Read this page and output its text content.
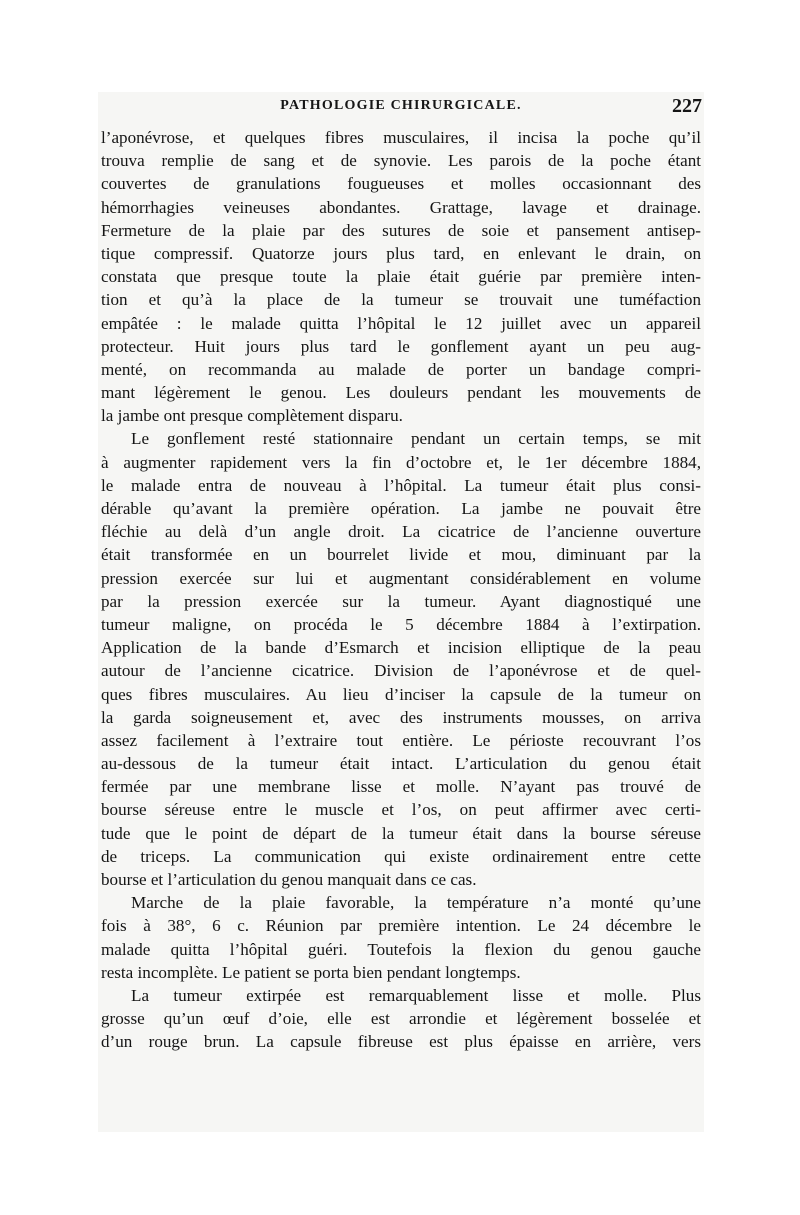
PATHOLOGIE CHIRURGICALE.	227
l’aponévrose, et quelques fibres musculaires, il incisa la poche qu’il
trouva remplie de sang et de synovie. Les parois de la poche étant
couvertes de granulations fougueuses et molles occasionnant des
hémorrhagies veineuses abondantes. Grattage, lavage et drainage.
Fermeture de la plaie par des sutures de soie et pansement antisep-
tique compressif. Quatorze jours plus tard, en enlevant le drain, on
constata que presque toute la plaie était guérie par première inten-
tion et qu’à la place de la tumeur se trouvait une tuméfaction
empâtée : le malade quitta l’hôpital le 12 juillet avec un appareil
protecteur. Huit jours plus tard le gonflement ayant un peu aug-
menté, on recommanda au malade de porter un bandage compri-
mant légèrement le genou. Les douleurs pendant les mouvements de
la jambe ont presque complètement disparu.
Le gonflement resté stationnaire pendant un certain temps, se mit
à augmenter rapidement vers la fin d’octobre et, le 1er décembre 1884,
le malade entra de nouveau à l’hôpital. La tumeur était plus consi-
dérable qu’avant la première opération. La jambe ne pouvait être
fléchie au delà d’un angle droit. La cicatrice de l’ancienne ouverture
était transformée en un bourrelet livide et mou, diminuant par la
pression exercée sur lui et augmentant considérablement en volume
par la pression exercée sur la tumeur. Ayant diagnostiqué une
tumeur maligne, on procéda le 5 décembre 1884 à l’extirpation.
Application de la bande d’Esmarch et incision elliptique de la peau
autour de l’ancienne cicatrice. Division de l’aponévrose et de quel-
ques fibres musculaires. Au lieu d’inciser la capsule de la tumeur on
la garda soigneusement et, avec des instruments mousses, on arriva
assez facilement à l’extraire tout entière. Le périoste recouvrant l’os
au-dessous de la tumeur était intact. L’articulation du genou était
fermée par une membrane lisse et molle. N’ayant pas trouvé de
bourse séreuse entre le muscle et l’os, on peut affirmer avec certi-
tude que le point de départ de la tumeur était dans la bourse séreuse
de triceps. La communication qui existe ordinairement entre cette
bourse et l’articulation du genou manquait dans ce cas.
Marche de la plaie favorable, la température n’a monté qu’une
fois à 38°, 6 c. Réunion par première intention. Le 24 décembre le
malade quitta l’hôpital guéri. Toutefois la flexion du genou gauche
resta incomplète. Le patient se porta bien pendant longtemps.
La tumeur extirpée est remarquablement lisse et molle. Plus
grosse qu’un œuf d’oie, elle est arrondie et légèrement bosselée et
d’un rouge brun. La capsule fibreuse est plus épaisse en arrière, vers
